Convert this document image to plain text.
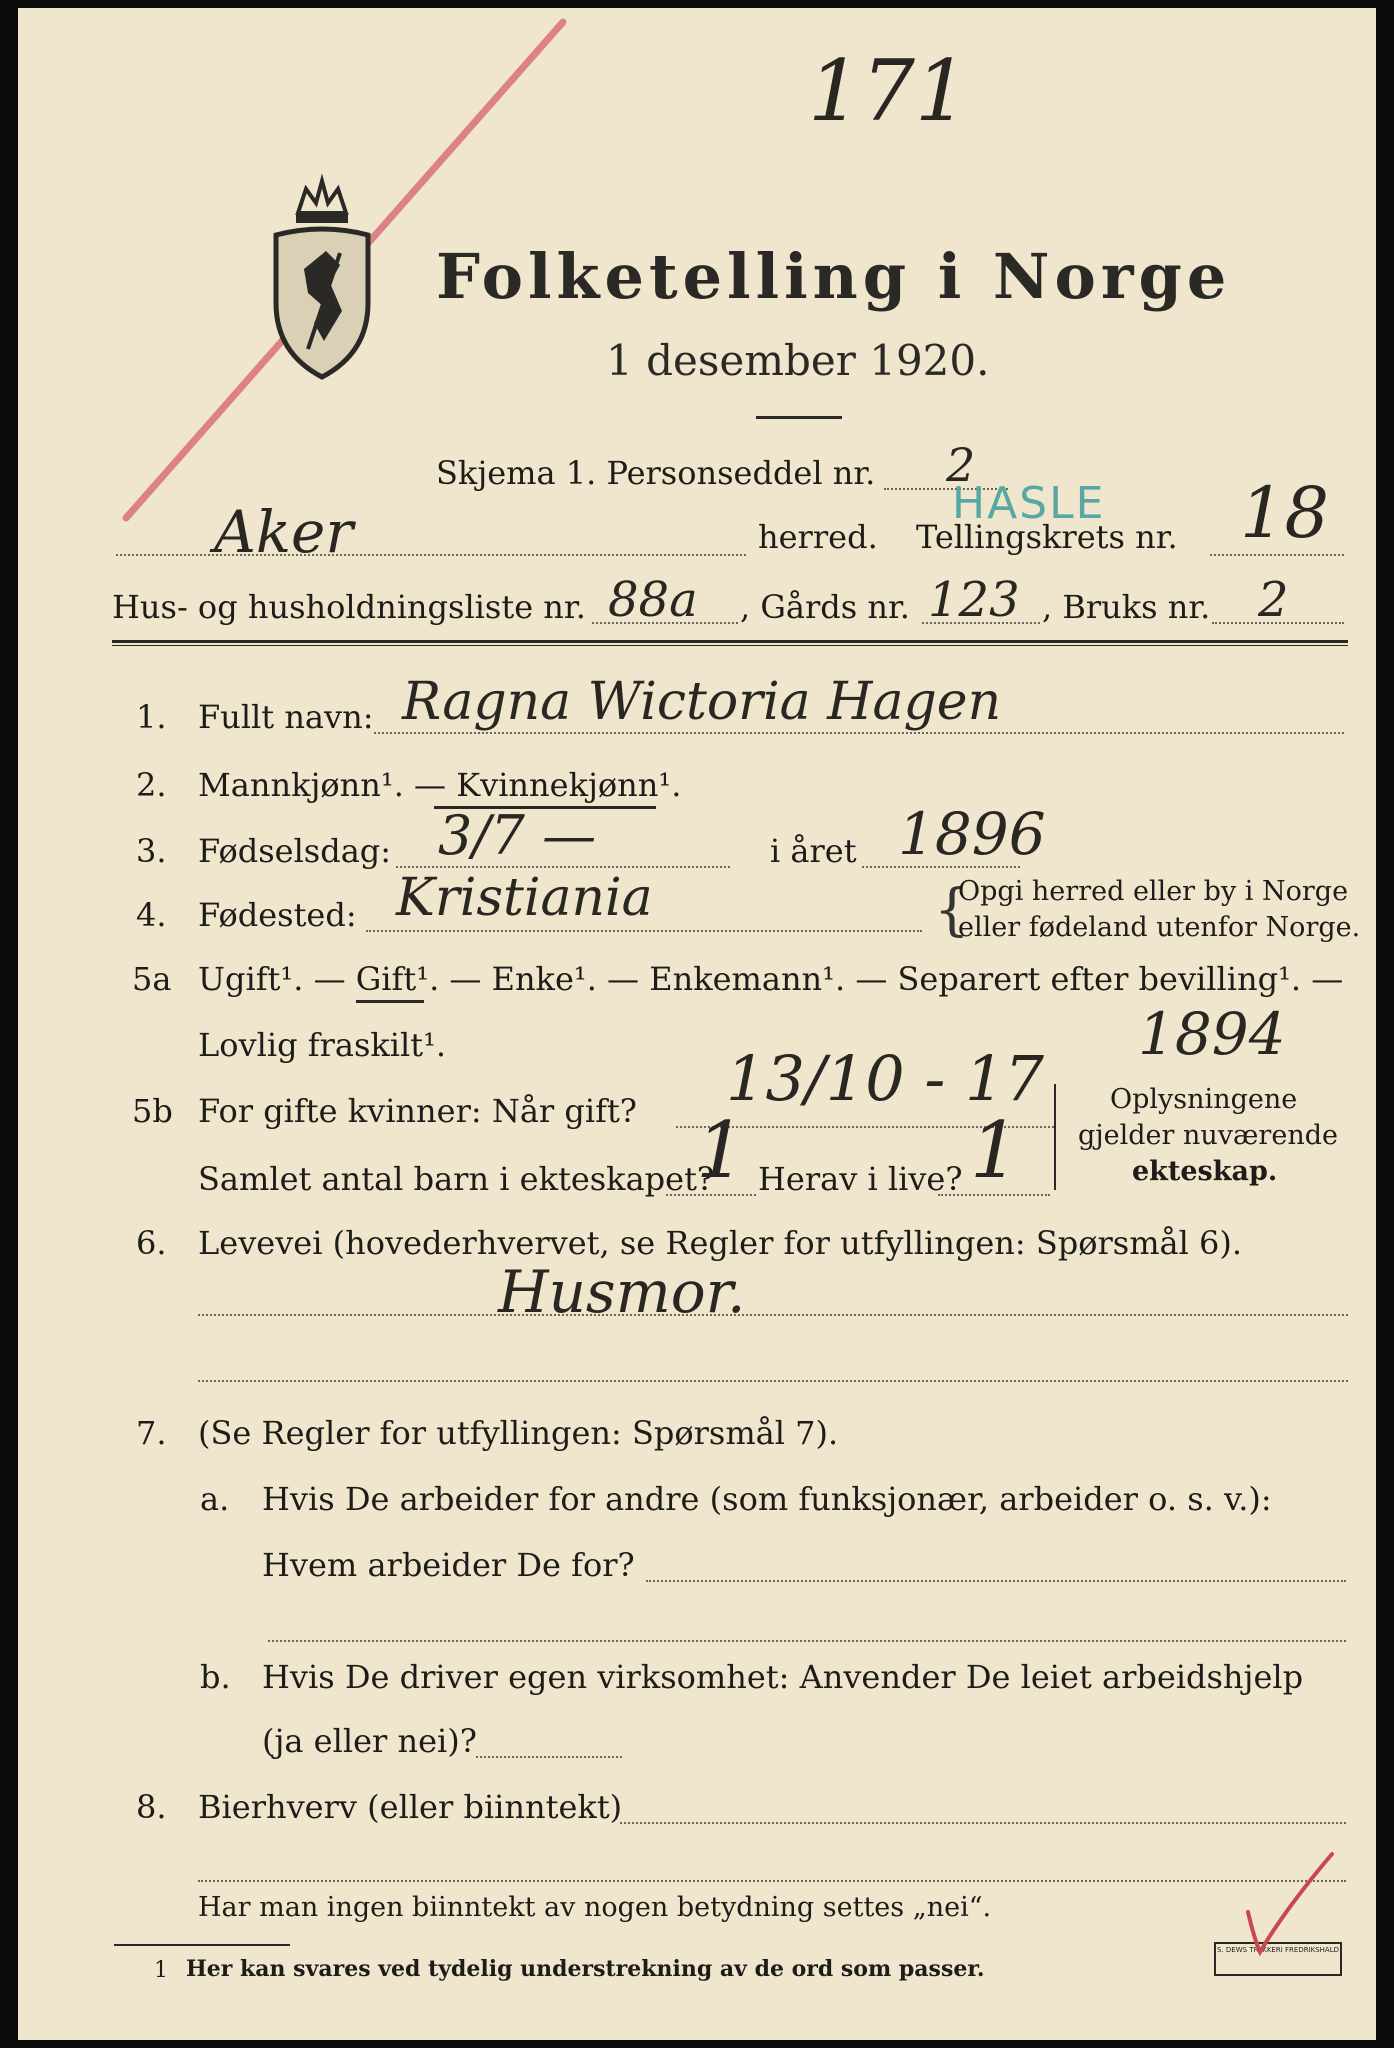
171
Folketelling i Norge
1 desember 1920.
Skjema 1. Personseddel nr. 2
Aker	herred. Tellingskrets nr.
HASLE 18
Hus- og husholdningsliste nr. 88a , Gårds nr. 123 , Bruks nr. 2
1. Fullt navn: Ragna Wictoria Hagen
2. Mannkjønn¹. — Kvinnekjønn¹.
3. Fødselsdag: 3/7 —	i året 1896
4. Fødested: Kristiania	{
Opgi herred eller by i Norge
eller fødeland utenfor Norge.
5a Ugift¹. — Gift¹. — Enke¹. — Enkemann¹. — Separert efter bevilling¹. —
Lovlig fraskilt¹.	1894
5b For gifte kvinner: Når gift? 13/10 - 17
Samlet antal barn i ekteskapet?
1 Herav i live? 1
Oplysningene
gjelder nuværende
ekteskap.
6. Levevei (hovederhvervet, se Regler for utfyllingen: Spørsmål 6).
Husmor.
7. (Se Regler for utfyllingen: Spørsmål 7).
a. Hvis De arbeider for andre (som funksjonær, arbeider o. s. v.):
Hvem arbeider De for?
b. Hvis De driver egen virksomhet: Anvender De leiet arbeidshjelp
(ja eller nei)?
8. Bierhverv (eller biinntekt)
Har man ingen biinntekt av nogen betydning settes „nei“.
1 Her kan svares ved tydelig understrekning av de ord som passer.
S. DEWS TRYKKERI FREDRIKSHALD
